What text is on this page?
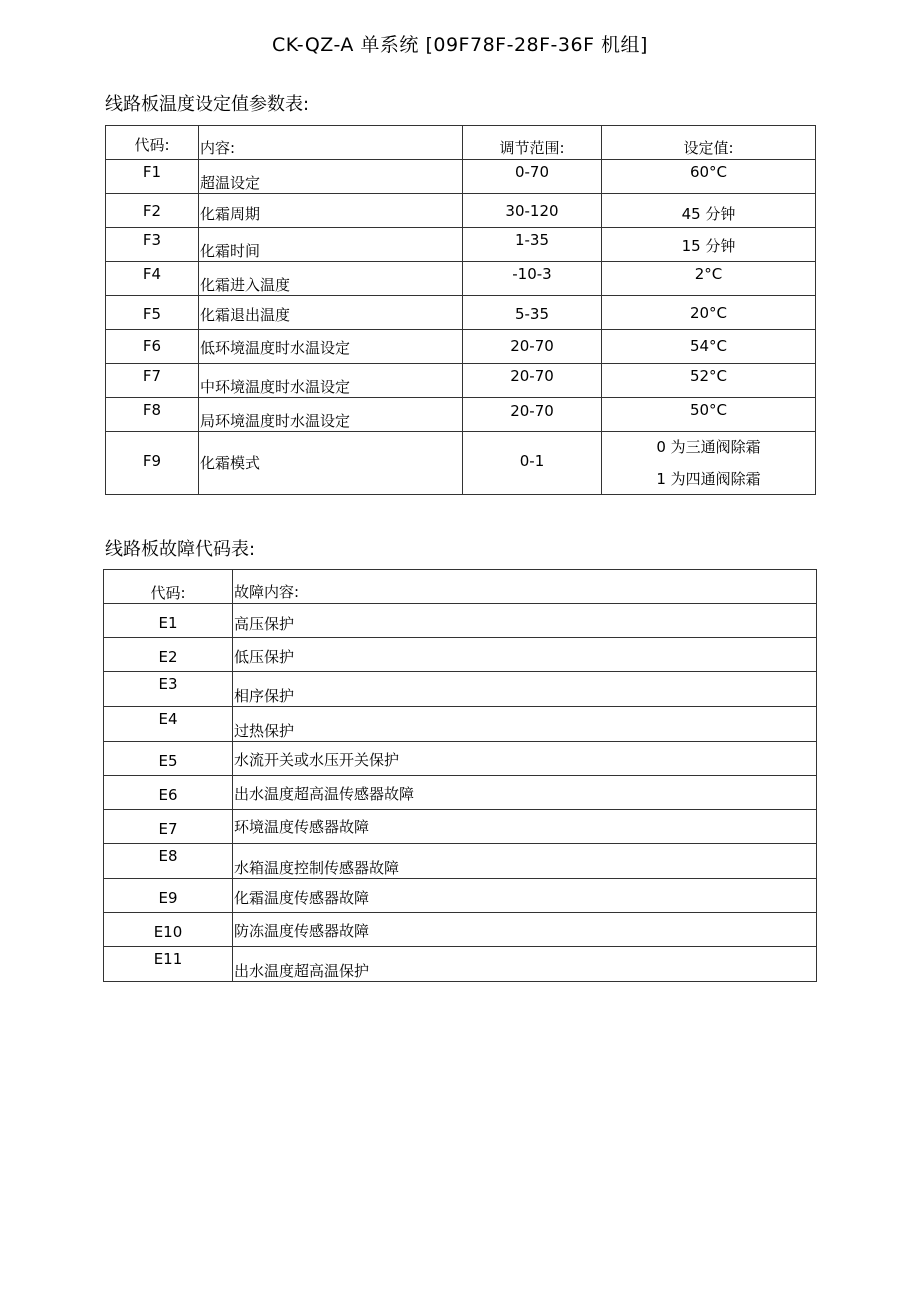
CK-QZ-A 单系统 [09F78F-28F-36F 机组]
线路板温度设定值参数表:
代码:	内容:	调节范围:	设定值:

F1	超温设定	0-70	60°C

F2	化霜周期	30-120	45 分钟

F3	化霜时间	1-35	15 分钟

F4	化霜进入温度	-10-3	2°C

F5	化霜退出温度	5-35	20°C

F6	低环境温度时水温设定	20-70	54°C

F7	中环境温度时水温设定	20-70	52°C

F8	局环境温度时水温设定	20-70	50°C

F9	化霜模式	0-1	0 为三通阀除霜
1 为四通阀除霜
线路板故障代码表:
代码:	故障内容:

E1	高压保护

E2	低压保护

E3	相序保护

E4	过热保护

E5	水流开关或水压开关保护

E6	出水温度超高温传感器故障

E7	环境温度传感器故障

E8	水箱温度控制传感器故障

E9	化霜温度传感器故障

E10	防冻温度传感器故障

E11	出水温度超高温保护
